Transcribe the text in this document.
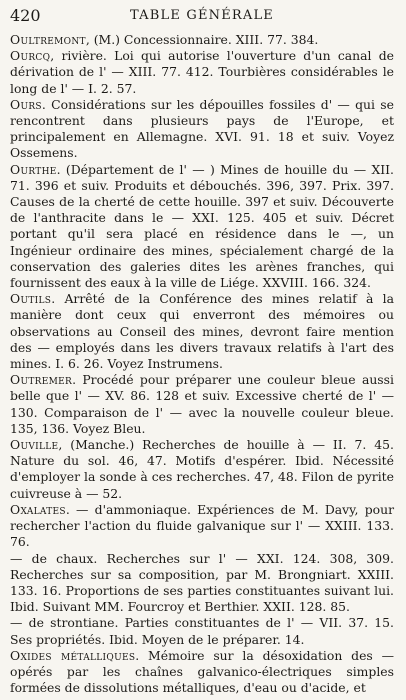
420	TABLE GÉNÉRALE

Oultremont, (M.) Concessionnaire. XIII. 77. 384.

Ourcq, rivière. Loi qui autorise l'ouverture d'un canal de dérivation de l' — XIII. 77. 412. Tourbières considérables le long de l' — I. 2. 57.

Ours. Considérations sur les dépouilles fossiles d' — qui se rencontrent dans plusieurs pays de l'Europe, et principalement en Allemagne. XVI. 91. 18 et suiv. Voyez Ossemens.

Ourthe. (Département de l' — ) Mines de houille du — XII. 71. 396 et suiv. Produits et débouchés. 396, 397. Prix. 397. Causes de la cherté de cette houille. 397 et suiv. Découverte de l'anthracite dans le — XXI. 125. 405 et suiv. Décret portant qu'il sera placé en résidence dans le —, un Ingénieur ordinaire des mines, spécialement chargé de la conservation des galeries dites les arènes franches, qui fournissent des eaux à la ville de Liége. XXVIII. 166. 324.

Outils. Arrêté de la Conférence des mines relatif à la manière dont ceux qui enverront des mémoires ou observations au Conseil des mines, devront faire mention des — employés dans les divers travaux relatifs à l'art des mines. I. 6. 26. Voyez Instrumens.

Outremer. Procédé pour préparer une couleur bleue aussi belle que l' — XV. 86. 128 et suiv. Excessive cherté de l' — 130. Comparaison de l' — avec la nouvelle couleur bleue. 135, 136. Voyez Bleu.

Ouville, (Manche.) Recherches de houille à — II. 7. 45. Nature du sol. 46, 47. Motifs d'espérer. Ibid. Nécessité d'employer la sonde à ces recherches. 47, 48. Filon de pyrite cuivreuse à — 52.

Oxalates. — d'ammoniaque. Expériences de M. Davy, pour rechercher l'action du fluide galvanique sur l' — XXIII. 133. 76.

— de chaux. Recherches sur l' — XXI. 124. 308, 309. Recherches sur sa composition, par M. Brongniart. XXIII. 133. 16. Proportions de ses parties constituantes suivant lui. Ibid. Suivant MM. Fourcroy et Berthier. XXII. 128. 85.

— de strontiane. Parties constituantes de l' — VII. 37. 15. Ses propriétés. Ibid. Moyen de le préparer. 14.

Oxides métalliques. Mémoire sur la désoxidation des — opérés par les chaînes galvanico-électriques simples formées de dissolutions métalliques, d'eau ou d'acide, et
